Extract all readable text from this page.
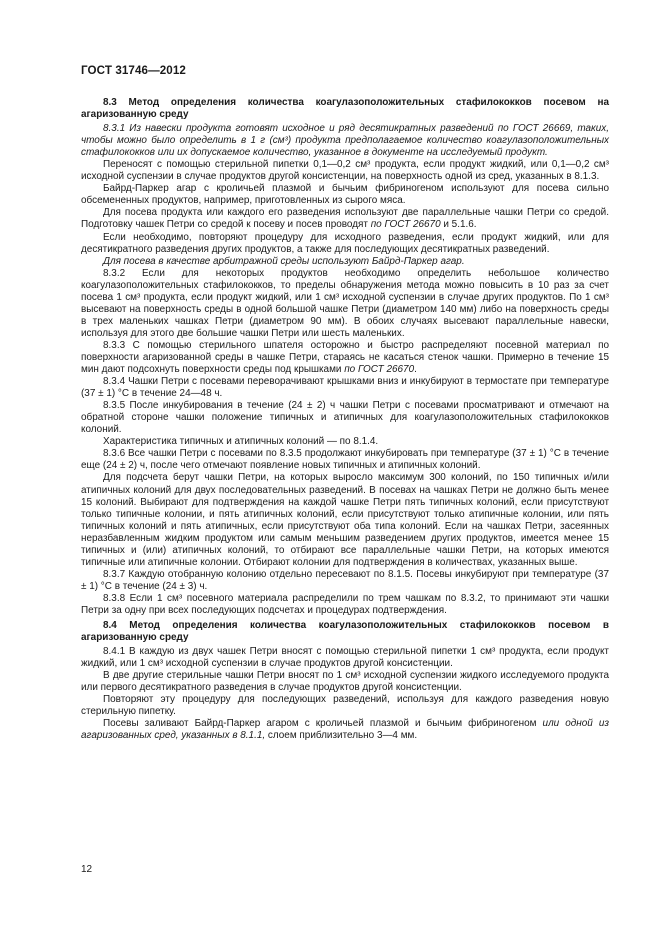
ГОСТ 31746—2012

8.3 Метод определения количества коагулазоположительных стафилококков посевом на агаризованную среду

8.3.1 Из навески продукта готовят исходное и ряд десятикратных разведений по ГОСТ 26669, таких, чтобы можно было определить в 1 г (см³) продукта предполагаемое количество коагулазоположительных стафилококков или их допускаемое количество, указанное в документе на исследуемый продукт.

Переносят с помощью стерильной пипетки 0,1—0,2 см³ продукта, если продукт жидкий, или 0,1—0,2 см³ исходной суспензии в случае продуктов другой консистенции, на поверхность одной из сред, указанных в 8.1.3.

Байрд-Паркер агар с кроличьей плазмой и бычьим фибриногеном используют для посева сильно обсемененных продуктов, например, приготовленных из сырого мяса.

Для посева продукта или каждого его разведения используют две параллельные чашки Петри со средой. Подготовку чашек Петри со средой к посеву и посев проводят по ГОСТ 26670 и 5.1.6.

Если необходимо, повторяют процедуру для исходного разведения, если продукт жидкий, или для десятикратного разведения других продуктов, а также для последующих десятикратных разведений.

Для посева в качестве арбитражной среды используют Байрд-Паркер агар.

8.3.2 Если для некоторых продуктов необходимо определить небольшое количество коагулазоположительных стафилококков, то пределы обнаружения метода можно повысить в 10 раз за счет посева 1 см³ продукта, если продукт жидкий, или 1 см³ исходной суспензии в случае других продуктов. По 1 см³ высевают на поверхность среды в одной большой чашке Петри (диаметром 140 мм) либо на поверхность среды в трех маленьких чашках Петри (диаметром 90 мм). В обоих случаях высевают параллельные навески, используя для этого две большие чашки Петри или шесть маленьких.

8.3.3 С помощью стерильного шпателя осторожно и быстро распределяют посевной материал по поверхности агаризованной среды в чашке Петри, стараясь не касаться стенок чашки. Примерно в течение 15 мин дают подсохнуть поверхности среды под крышками по ГОСТ 26670.

8.3.4 Чашки Петри с посевами переворачивают крышками вниз и инкубируют в термостате при температуре (37 ± 1) °С в течение 24—48 ч.

8.3.5 После инкубирования в течение (24 ± 2) ч чашки Петри с посевами просматривают и отмечают на обратной стороне чашки положение типичных и атипичных для коагулазоположительных стафилококков колоний.

Характеристика типичных и атипичных колоний — по 8.1.4.

8.3.6 Все чашки Петри с посевами по 8.3.5 продолжают инкубировать при температуре (37 ± 1) °С в течение еще (24 ± 2) ч, после чего отмечают появление новых типичных и атипичных колоний.

Для подсчета берут чашки Петри, на которых выросло максимум 300 колоний, по 150 типичных и/или атипичных колоний для двух последовательных разведений. В посевах на чашках Петри не должно быть менее 15 колоний. Выбирают для подтверждения на каждой чашке Петри пять типичных колоний, если присутствуют только типичные колонии, и пять атипичных колоний, если присутствуют только атипичные колонии, или пять типичных колоний и пять атипичных, если присутствуют оба типа колоний. Если на чашках Петри, засеянных неразбавленным жидким продуктом или самым меньшим разведением других продуктов, имеется менее 15 типичных и (или) атипичных колоний, то отбирают все параллельные чашки Петри, на которых имеются типичные или атипичные колонии. Отбирают колонии для подтверждения в количествах, указанных выше.

8.3.7 Каждую отобранную колонию отдельно пересевают по 8.1.5. Посевы инкубируют при температуре (37 ± 1) °С в течение (24 ± 3) ч.

8.3.8 Если 1 см³ посевного материала распределили по трем чашкам по 8.3.2, то принимают эти чашки Петри за одну при всех последующих подсчетах и процедурах подтверждения.

8.4 Метод определения количества коагулазоположительных стафилококков посевом в агаризованную среду

8.4.1 В каждую из двух чашек Петри вносят с помощью стерильной пипетки 1 см³ продукта, если продукт жидкий, или 1 см³ исходной суспензии в случае продуктов другой консистенции.

В две другие стерильные чашки Петри вносят по 1 см³ исходной суспензии жидкого исследуемого продукта или первого десятикратного разведения в случае продуктов другой консистенции.

Повторяют эту процедуру для последующих разведений, используя для каждого разведения новую стерильную пипетку.

Посевы заливают Байрд-Паркер агаром с кроличьей плазмой и бычьим фибриногеном или одной из агаризованных сред, указанных в 8.1.1, слоем приблизительно 3—4 мм.

12
